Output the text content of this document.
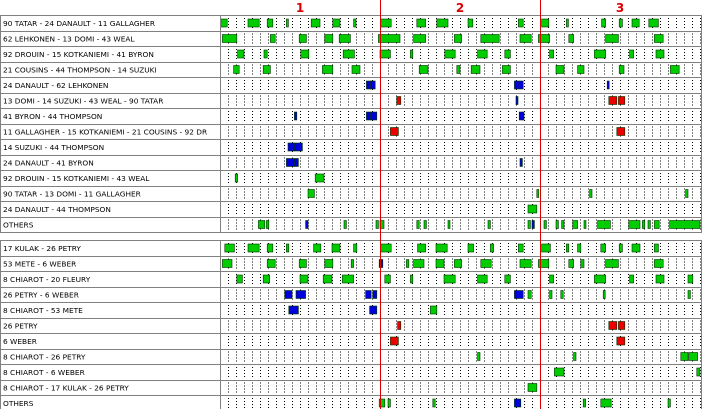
90 TATAR - 24 DANAULT - 11 GALLAGHER
62 LEHKONEN - 13 DOMI - 43 WEAL
92 DROUIN - 15 KOTKANIEMI - 41 BYRON
21 COUSINS - 44 THOMPSON - 14 SUZUKI
24 DANAULT - 62 LEHKONEN
13 DOMI - 14 SUZUKI - 43 WEAL - 90 TATAR
41 BYRON - 44 THOMPSON
11 GALLAGHER - 15 KOTKANIEMI - 21 COUSINS - 92 DR
14 SUZUKI - 44 THOMPSON
24 DANAULT - 41 BYRON
92 DROUIN - 15 KOTKANIEMI - 43 WEAL
90 TATAR - 13 DOMI - 11 GALLAGHER
24 DANAULT - 44 THOMPSON
OTHERS
17 KULAK - 26 PETRY
53 METE - 6 WEBER
8 CHIAROT - 20 FLEURY
26 PETRY - 6 WEBER
8 CHIAROT - 53 METE
26 PETRY
6 WEBER
8 CHIAROT - 26 PETRY
8 CHIAROT - 6 WEBER
8 CHIAROT - 17 KULAK - 26 PETRY
OTHERS
1	2	3
